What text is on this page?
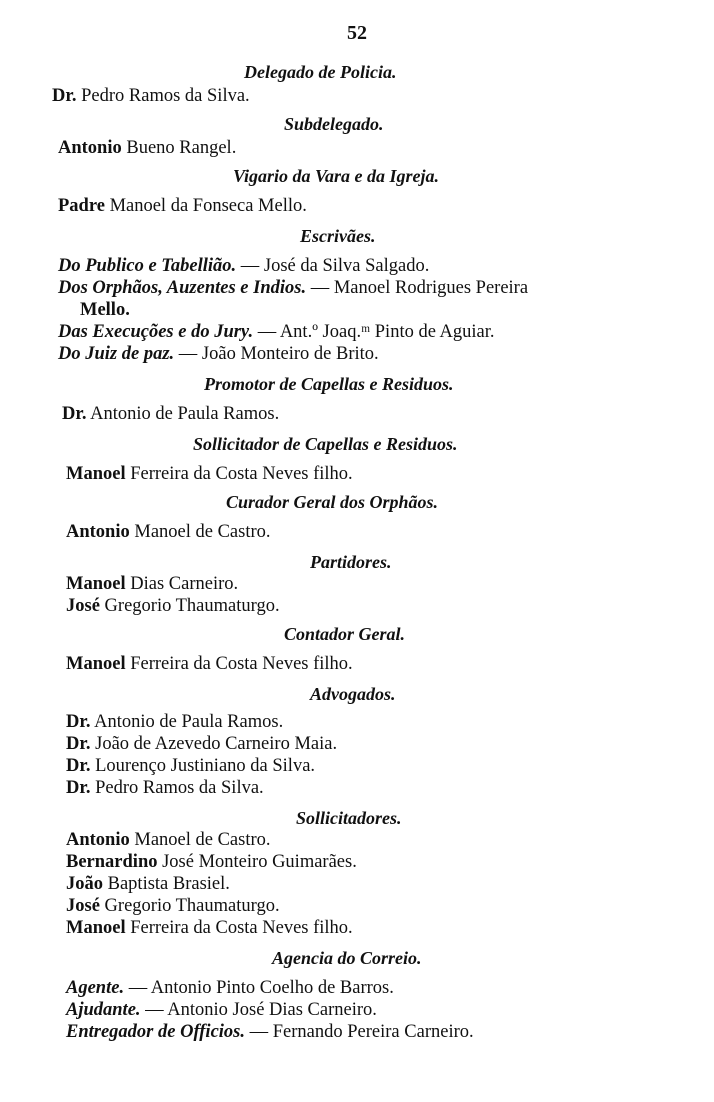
52
Delegado de Policia.
Dr. Pedro Ramos da Silva.
Subdelegado.
Antonio Bueno Rangel.
Vigario da Vara e da Igreja.
Padre Manoel da Fonseca Mello.
Escrivães.
Do Publico e Tabellião. — José da Silva Salgado.
Dos Orphãos, Auzentes e Indios. — Manoel Rodrigues Pereira
Mello.
Das Execuções e do Jury. — Ant.º Joaq.ᵐ Pinto de Aguiar.
Do Juiz de paz. — João Monteiro de Brito.
Promotor de Capellas e Residuos.
Dr. Antonio de Paula Ramos.
Sollicitador de Capellas e Residuos.
Manoel Ferreira da Costa Neves filho.
Curador Geral dos Orphãos.
Antonio Manoel de Castro.
Partidores.
Manoel Dias Carneiro.
José Gregorio Thaumaturgo.
Contador Geral.
Manoel Ferreira da Costa Neves filho.
Advogados.
Dr. Antonio de Paula Ramos.
Dr. João de Azevedo Carneiro Maia.
Dr. Lourenço Justiniano da Silva.
Dr. Pedro Ramos da Silva.
Sollicitadores.
Antonio Manoel de Castro.
Bernardino José Monteiro Guimarães.
João Baptista Brasiel.
José Gregorio Thaumaturgo.
Manoel Ferreira da Costa Neves filho.
Agencia do Correio.
Agente. — Antonio Pinto Coelho de Barros.
Ajudante. — Antonio José Dias Carneiro.
Entregador de Officios. — Fernando Pereira Carneiro.
